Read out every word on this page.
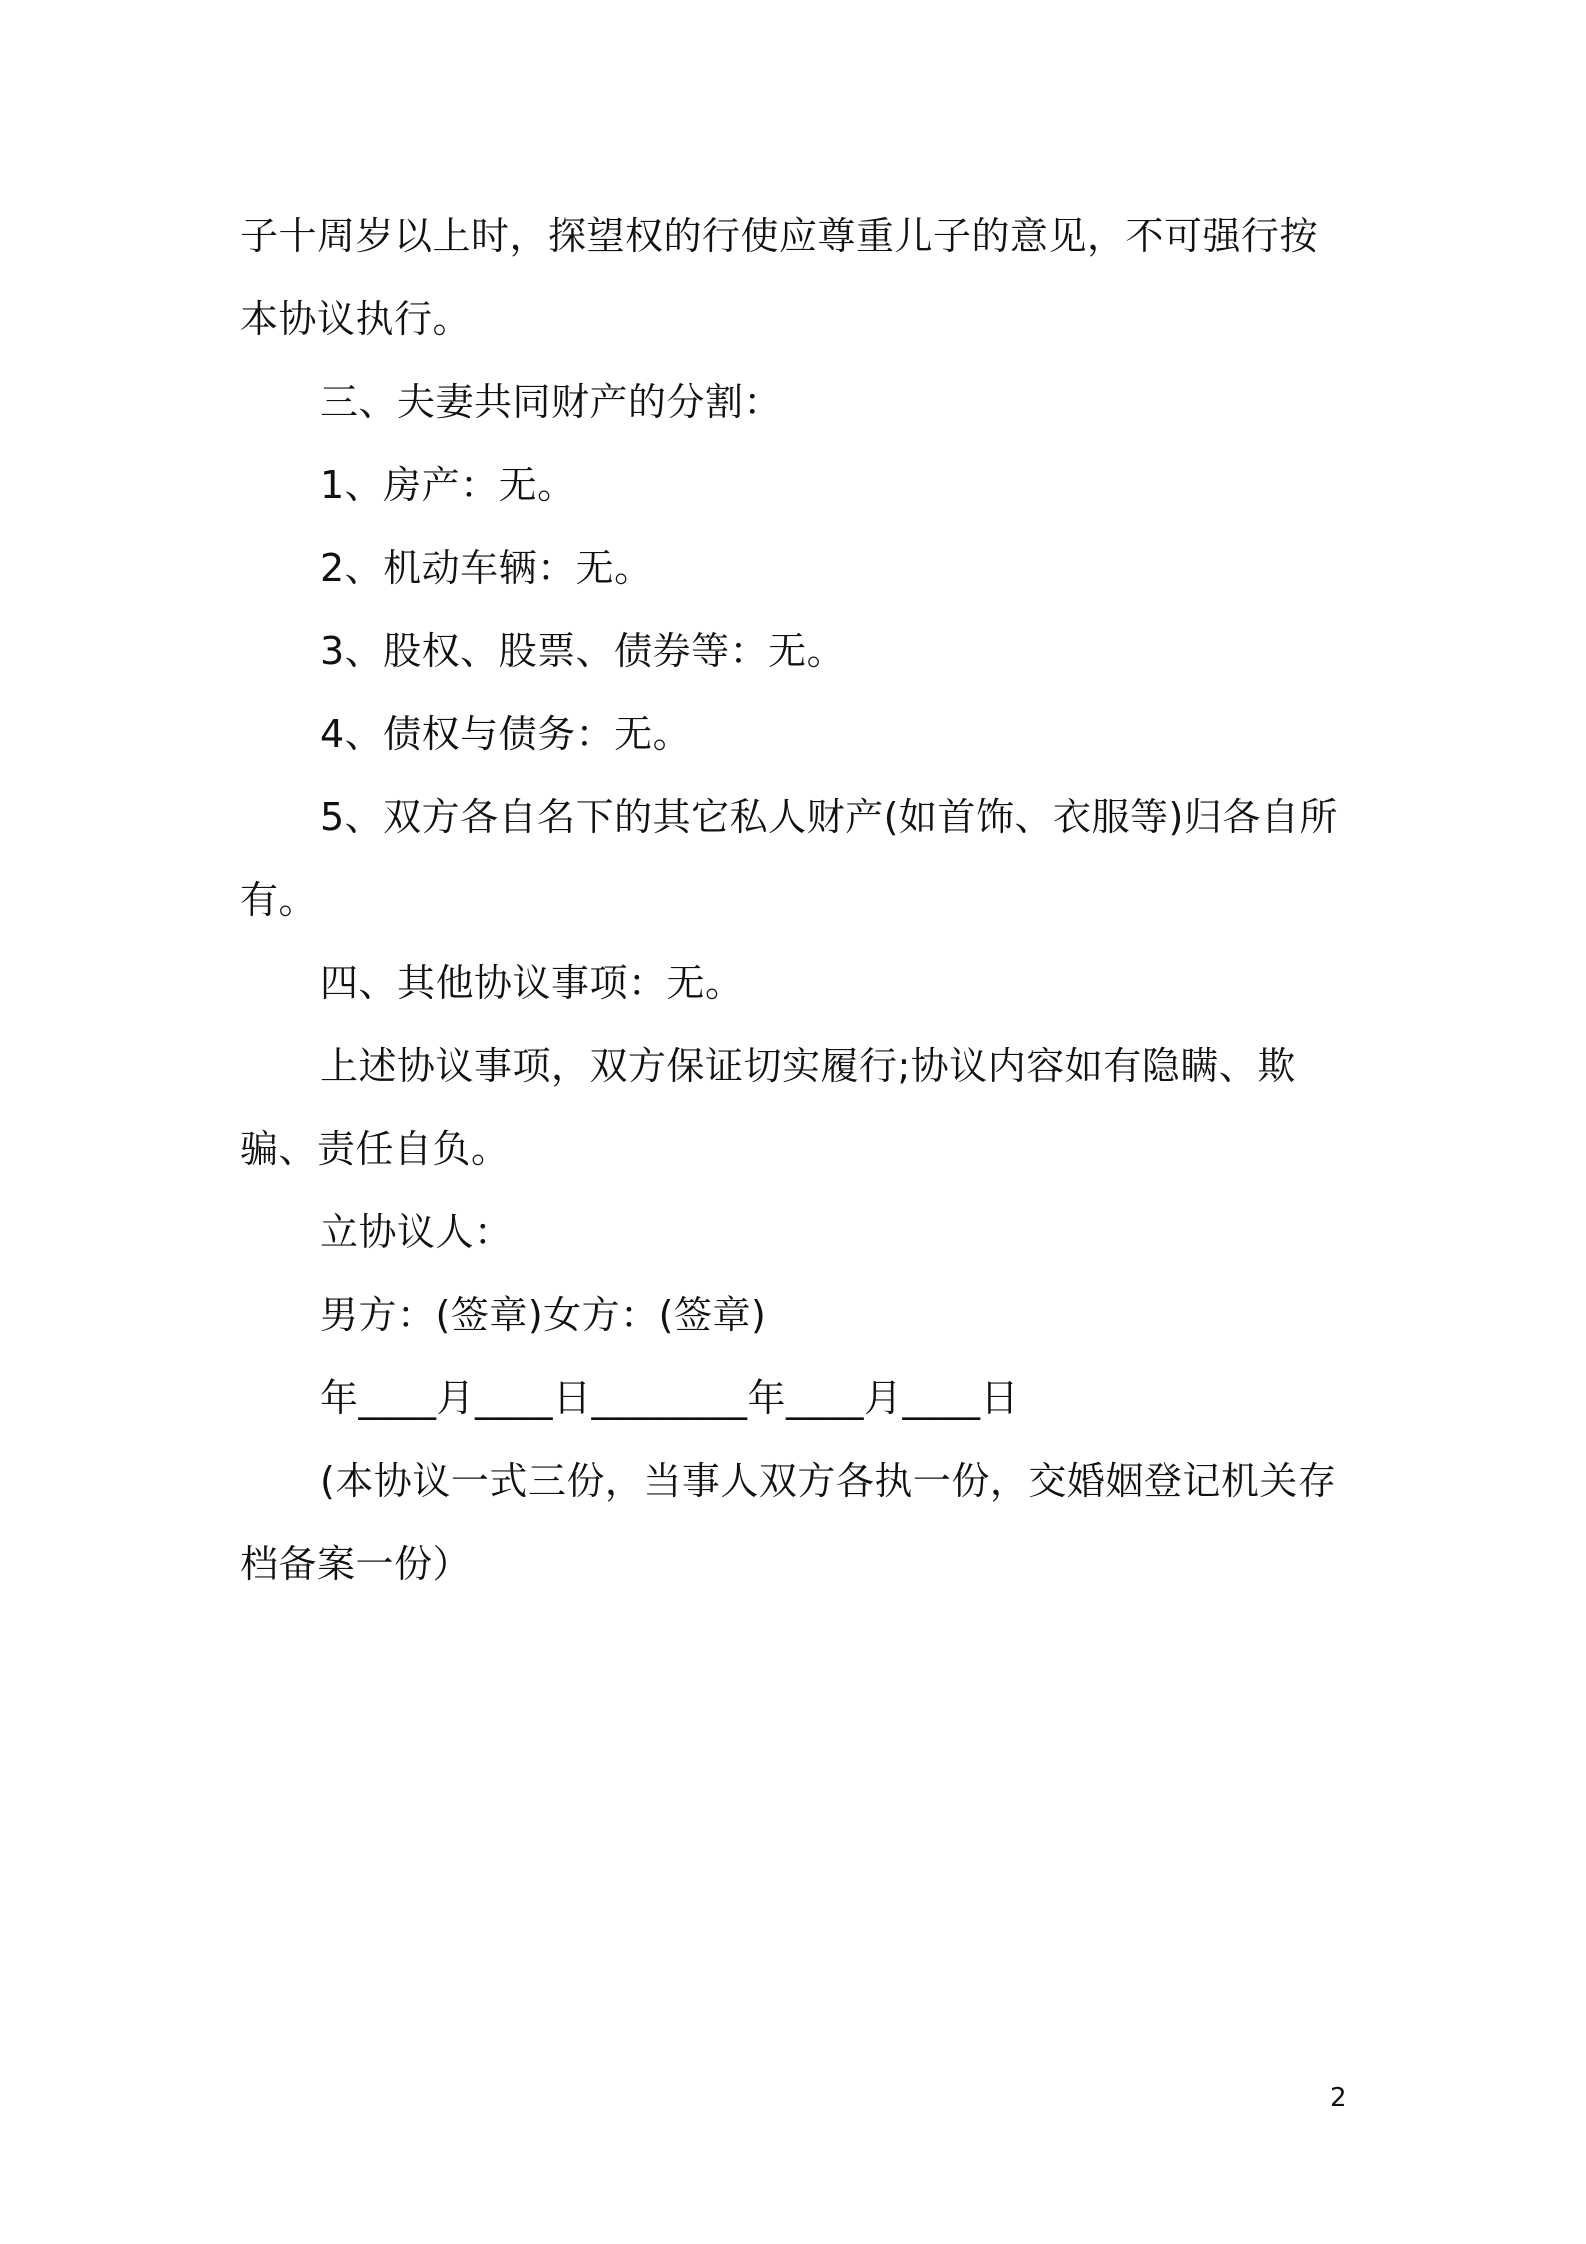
子十周岁以上时，探望权的行使应尊重儿子的意见，不可强行按本协议执行。

三、夫妻共同财产的分割：

1、房产：无。

2、机动车辆：无。

3、股权、股票、债券等：无。

4、债权与债务：无。

5、双方各自名下的其它私人财产(如首饰、衣服等)归各自所有。

四、其他协议事项：无。

上述协议事项，双方保证切实履行;协议内容如有隐瞒、欺骗、责任自负。

立协议人：

男方：(签章)女方：(签章)

年____月____日________年____月____日

(本协议一式三份，当事人双方各执一份，交婚姻登记机关存档备案一份）

2
